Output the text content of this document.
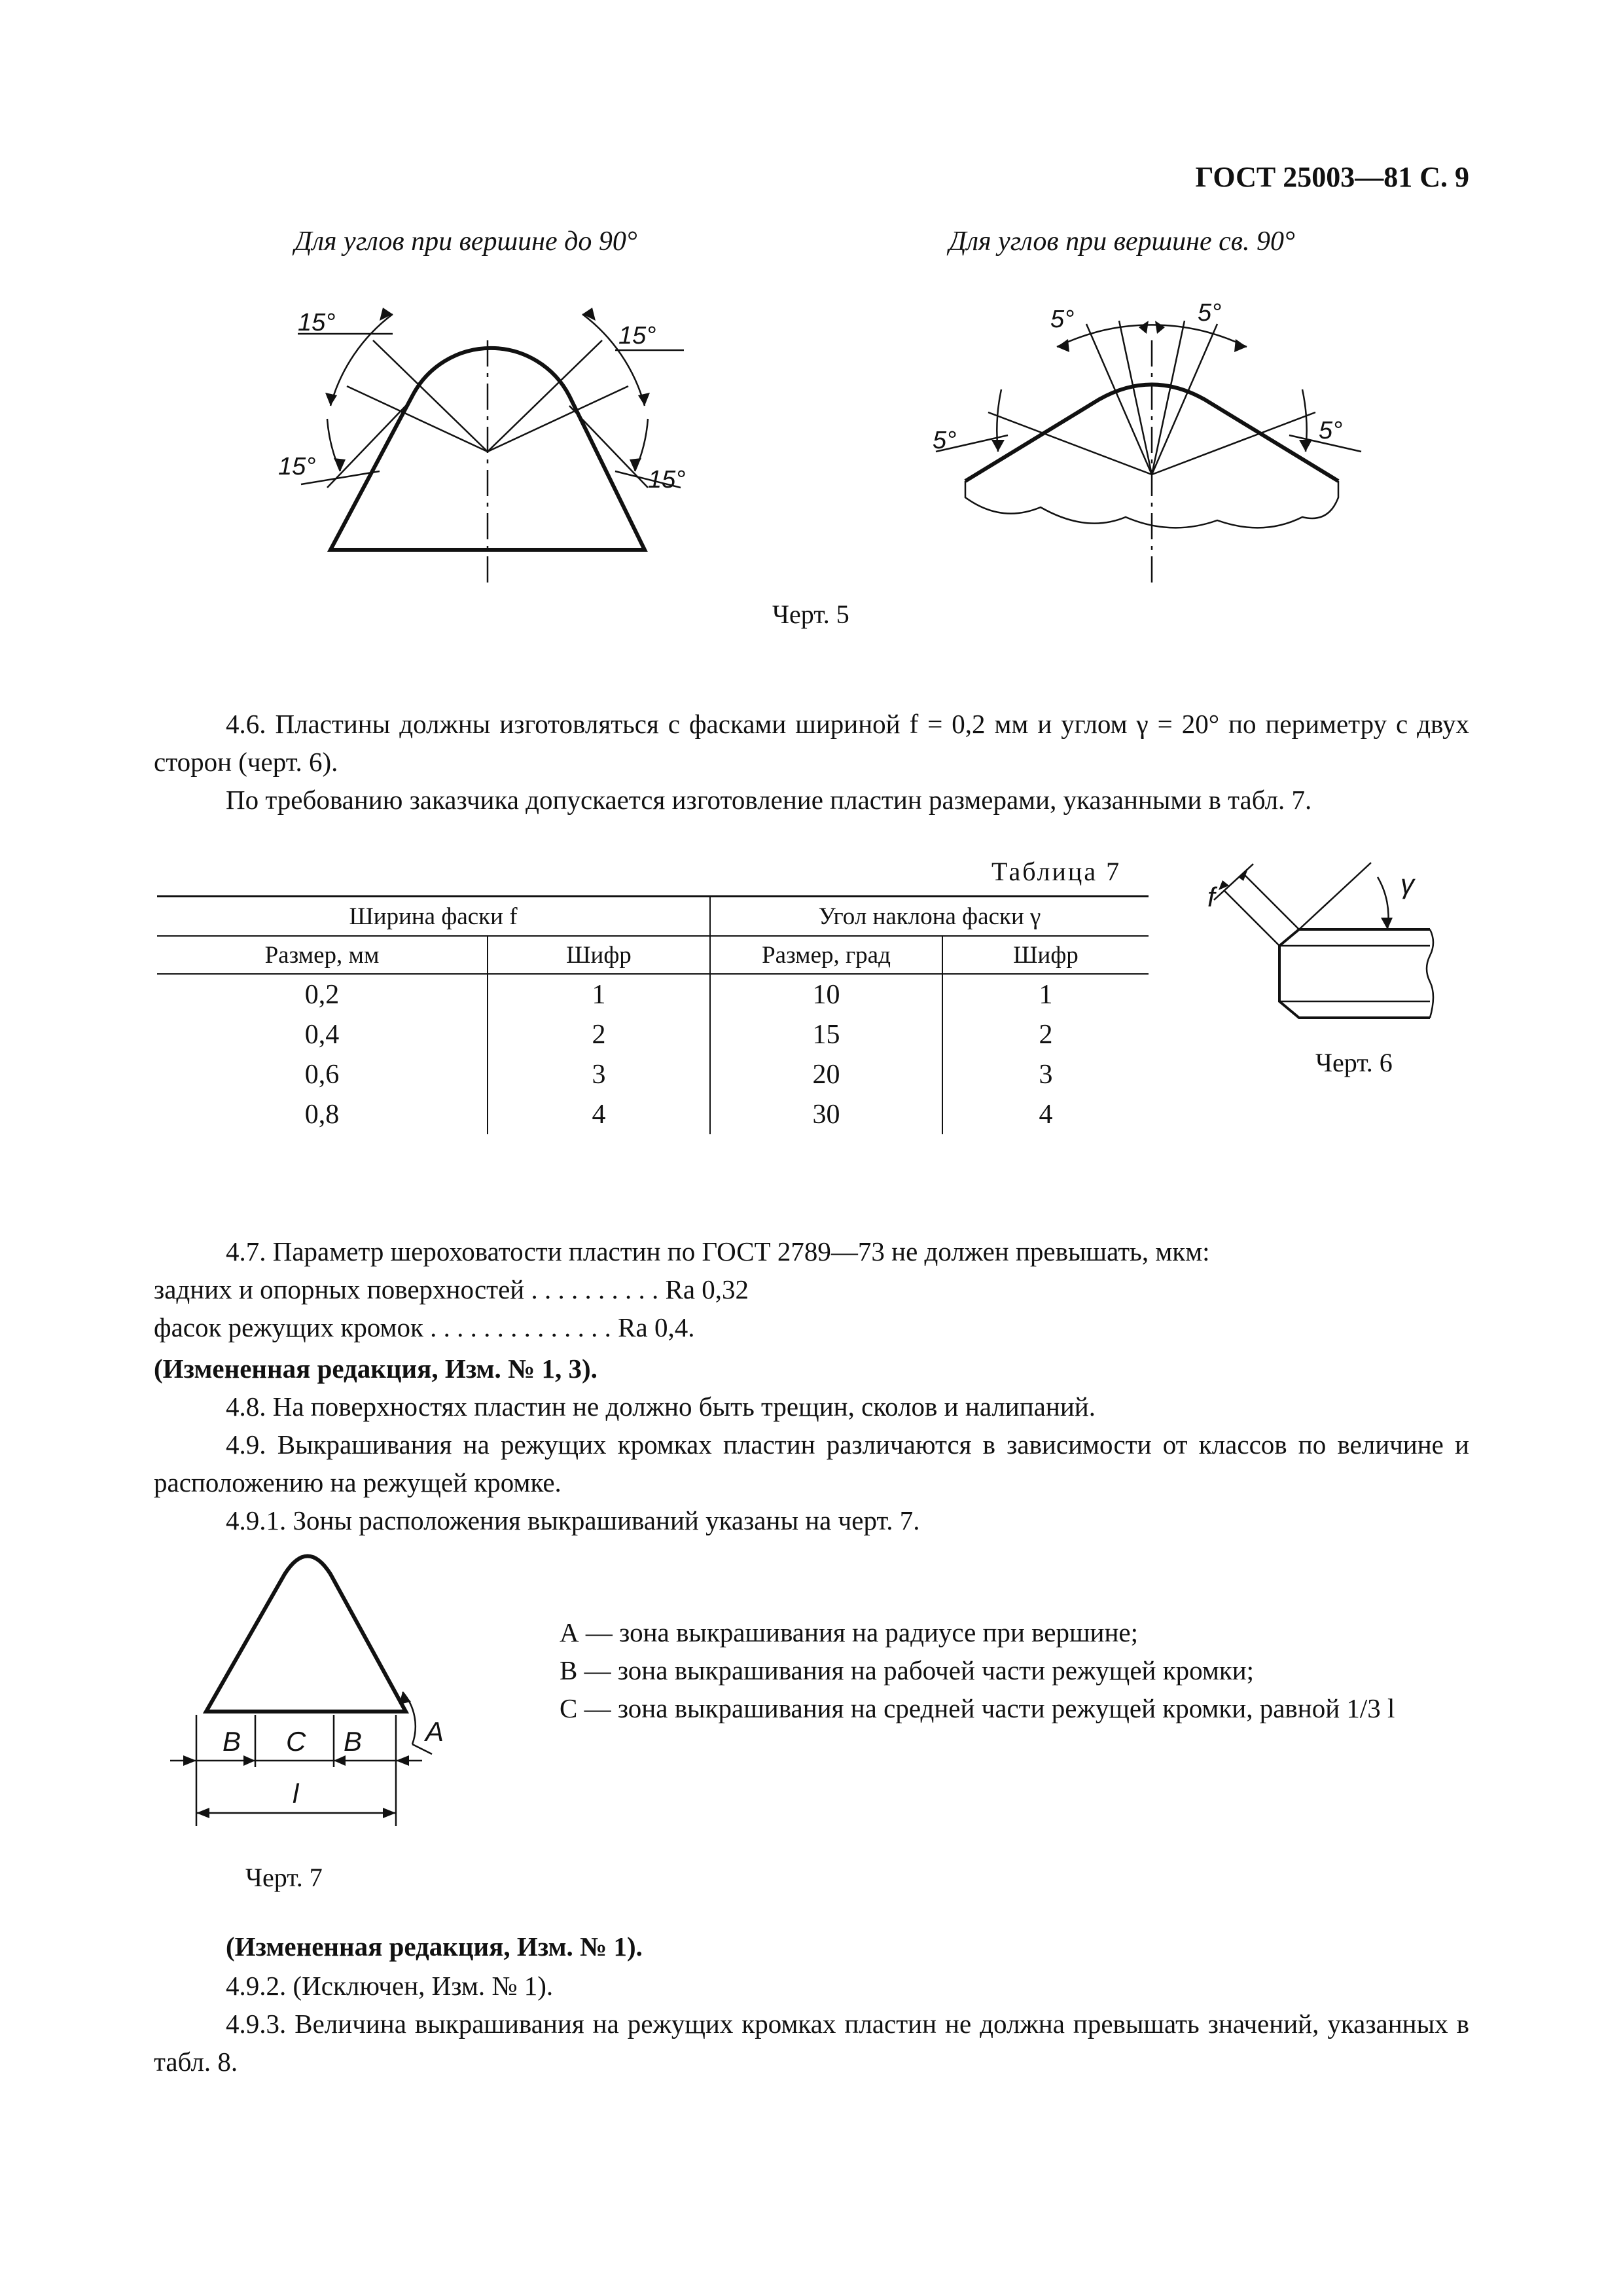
ГОСТ 25003—81 С. 9
Для углов при вершине до 90°	Для углов при вершине св. 90°
15°	15°
15°	15°
5°	5°
5°	5°
Черт. 5
4.6. Пластины должны изготовляться с фасками шириной f = 0,2 мм и углом γ = 20° по периметру с двух сторон (черт. 6).
По требованию заказчика допускается изготовление пластин размерами, указанными в табл. 7.
Таблица 7
Ширина фаски f		Угол наклона фаски γ	
Размер, мм	Шифр	Размер, град	Шифр
0,2	1	10	1
0,4	2	15	2
0,6	3	20	3
0,8	4	30	4
f	γ
Черт. 6
4.7. Параметр шероховатости пластин по ГОСТ 2789—73 не должен превышать, мкм:
задних и опорных поверхностей . . . . . . . . . . Ra 0,32
фасок режущих кромок . . . . . . . . . . . . . . Ra 0,4.
(Измененная редакция, Изм. № 1, 3).
4.8. На поверхностях пластин не должно быть трещин, сколов и налипаний.
4.9. Выкрашивания на режущих кромках пластин различаются в зависимости от классов по величине и расположению на режущей кромке.
4.9.1. Зоны расположения выкрашиваний указаны на черт. 7.
B C B A
l
А — зона выкрашивания на радиусе при вершине;
В — зона выкрашивания на рабочей части режущей кромки;
С — зона выкрашивания на средней части режущей кромки, равной 1/3 l
Черт. 7
(Измененная редакция, Изм. № 1).
4.9.2. (Исключен, Изм. № 1).
4.9.3. Величина выкрашивания на режущих кромках пластин не должна превышать значений, указанных в табл. 8.
